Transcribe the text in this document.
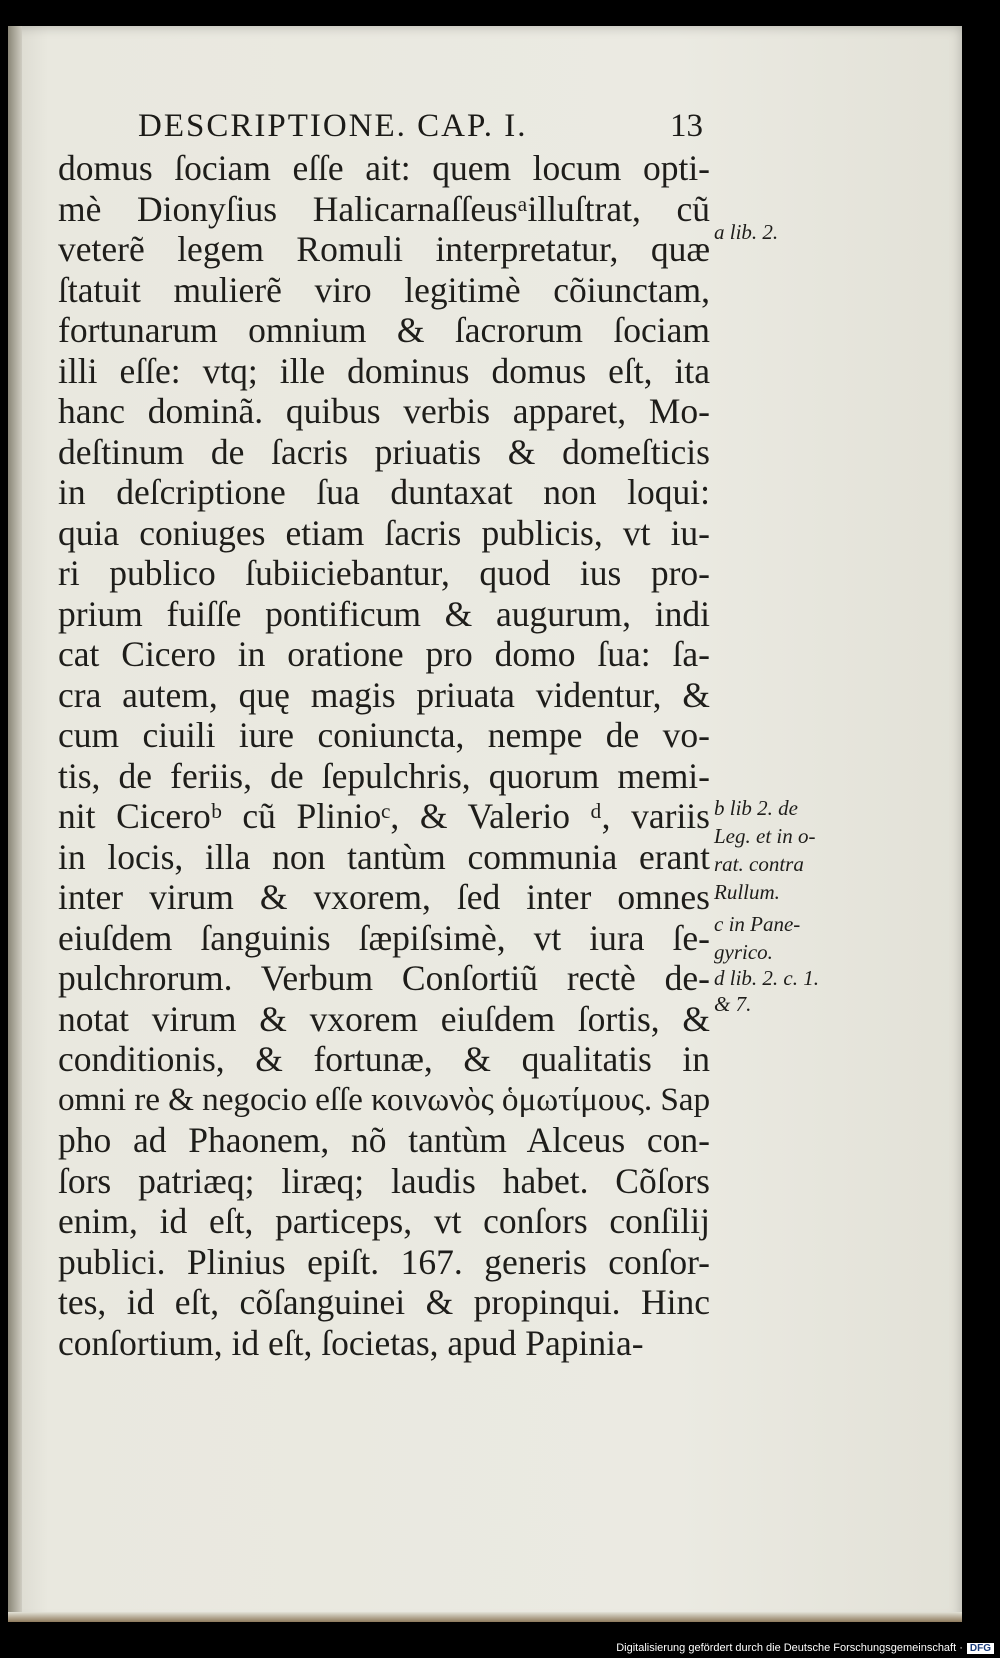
DESCRIPTIONE. CAP. I.	13
domus ſociam eſſe ait: quem locum opti-
mè Dionyſius Halicarnaſſeusᵃilluſtrat, cũ
veterẽ legem Romuli interpretatur, quæ
ſtatuit mulierẽ viro legitimè cõiunctam,
fortunarum omnium & ſacrorum ſociam
illi eſſe: vtq; ille dominus domus eſt, ita
hanc dominã. quibus verbis apparet, Mo-
deſtinum de ſacris priuatis & domeſticis
in deſcriptione ſua duntaxat non loqui:
quia coniuges etiam ſacris publicis, vt iu-
ri publico ſubiiciebantur, quod ius pro-
prium fuiſſe pontificum & augurum, indi
cat Cicero in oratione pro domo ſua: ſa-
cra autem, quę magis priuata videntur, &
cum ciuili iure coniuncta, nempe de vo-
tis, de feriis, de ſepulchris, quorum memi-
nit Ciceroᵇ cũ Plinioᶜ, & Valerio ᵈ, variis
in locis, illa non tantùm communia erant
inter virum & vxorem, ſed inter omnes
eiuſdem ſanguinis ſæpiſsimè, vt iura ſe-
pulchrorum. Verbum Conſortiũ rectè de-
notat virum & vxorem eiuſdem ſortis, &
conditionis, & fortunæ, & qualitatis in
omni re & negocio eſſe κοινωνὸς ὁμωτίμους. Sap
pho ad Phaonem, nõ tantùm Alceus con-
ſors patriæq; liræq; laudis habet. Cõſors
enim, id eſt, particeps, vt conſors conſilij
publici. Plinius epiſt. 167. generis conſor-
tes, id eſt, cõſanguinei & propinqui. Hinc
conſortium, id eſt, ſocietas, apud Papinia-
a lib. 2.
b lib 2. de
Leg. et in o-
rat. contra
Rullum.
c in Pane-
gyrico.
d lib. 2. c. 1.
& 7.
Digitalisierung gefördert durch die Deutsche Forschungsgemeinschaft · DFG
